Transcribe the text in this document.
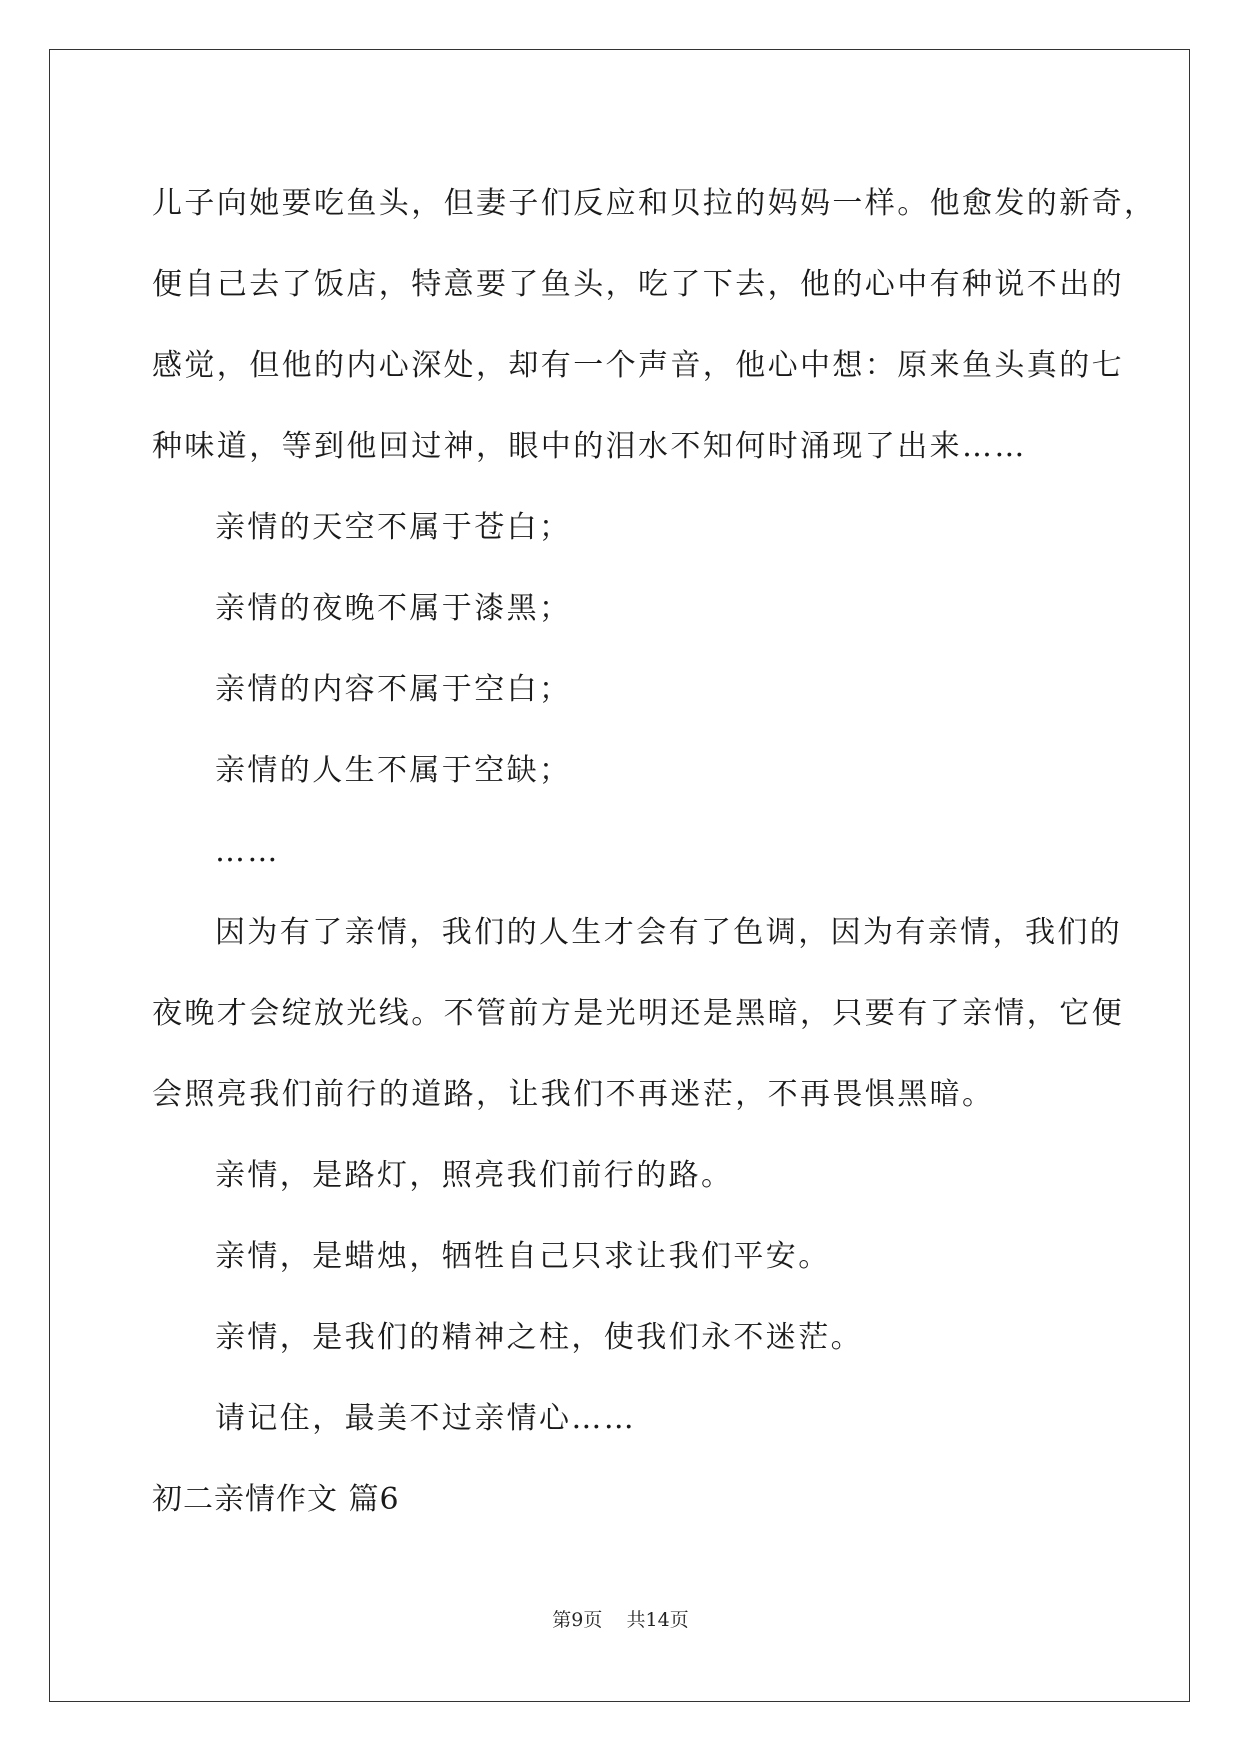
儿子向她要吃鱼头，但妻子们反应和贝拉的妈妈一样。他愈发的新奇，
便自己去了饭店，特意要了鱼头，吃了下去，他的心中有种说不出的
感觉，但他的内心深处，却有一个声音，他心中想：原来鱼头真的七
种味道，等到他回过神，眼中的泪水不知何时涌现了出来……
亲情的天空不属于苍白；
亲情的夜晚不属于漆黑；
亲情的内容不属于空白；
亲情的人生不属于空缺；
……
因为有了亲情，我们的人生才会有了色调，因为有亲情，我们的
夜晚才会绽放光线。不管前方是光明还是黑暗，只要有了亲情，它便
会照亮我们前行的道路，让我们不再迷茫，不再畏惧黑暗。
亲情，是路灯，照亮我们前行的路。
亲情，是蜡烛，牺牲自己只求让我们平安。
亲情，是我们的精神之柱，使我们永不迷茫。
请记住，最美不过亲情心……
初二亲情作文 篇6
第9页    共14页
